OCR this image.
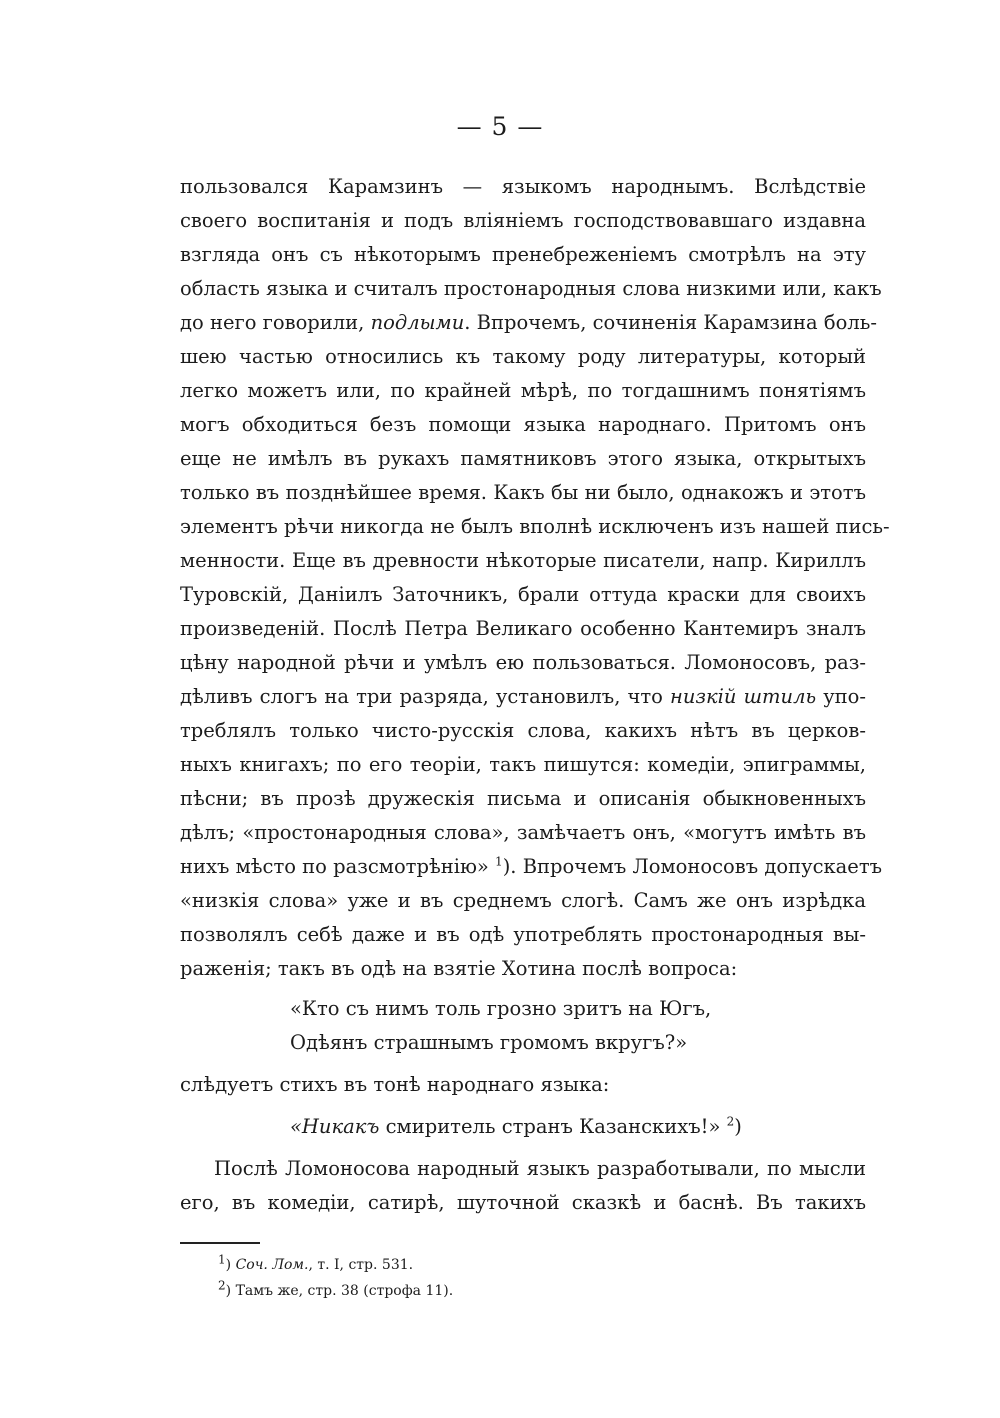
— 5 —
пользовался Карамзинъ — языкомъ народнымъ. Вслѣдствіе
своего воспитанія и подъ вліяніемъ господствовавшаго издавна
взгляда онъ съ нѣкоторымъ пренебреженіемъ смотрѣлъ на эту
область языка и считалъ простонародныя слова низкими или, какъ
до него говорили, подлыми. Впрочемъ, сочиненія Карамзина боль-
шею частью относились къ такому роду литературы, который
легко можетъ или, по крайней мѣрѣ, по тогдашнимъ понятіямъ
могъ обходиться безъ помощи языка народнаго. Притомъ онъ
еще не имѣлъ въ рукахъ памятниковъ этого языка, открытыхъ
только въ позднѣйшее время. Какъ бы ни было, однакожъ и этотъ
элементъ рѣчи никогда не былъ вполнѣ исключенъ изъ нашей пись-
менности. Еще въ древности нѣкоторые писатели, напр. Кириллъ
Туровскій, Даніилъ Заточникъ, брали оттуда краски для своихъ
произведеній. Послѣ Петра Великаго особенно Кантемиръ зналъ
цѣну народной рѣчи и умѣлъ ею пользоваться. Ломоносовъ, раз-
дѣливъ слогъ на три разряда, установилъ, что низкій штиль упо-
треблялъ только чисто-русскія слова, какихъ нѣтъ въ церков-
ныхъ книгахъ; по его теоріи, такъ пишутся: комедіи, эпиграммы,
пѣсни; въ прозѣ дружескія письма и описанія обыкновенныхъ
дѣлъ; «простонародныя слова», замѣчаетъ онъ, «могутъ имѣть въ
нихъ мѣсто по разсмотрѣнію» $^1$). Впрочемъ Ломоносовъ допускаетъ
«низкія слова» уже и въ среднемъ слогѣ. Самъ же онъ изрѣдка
позволялъ себѣ даже и въ одѣ употреблять простонародныя вы-
раженія; такъ въ одѣ на взятіе Хотина послѣ вопроса:
«Кто съ нимъ толь грозно зритъ на Югъ,
Одѣянъ страшнымъ громомъ вкругъ?»
слѣдуетъ стихъ въ тонѣ народнаго языка:
«Никакъ смиритель странъ Казанскихъ!» $^2$)
Послѣ Ломоносова народный языкъ разработывали, по мысли
его, въ комедіи, сатирѣ, шуточной сказкѣ и баснѣ. Въ такихъ
$^1$) Соч. Лом., т. I, стр. 531.
$^2$) Тамъ же, стр. 38 (строфа 11).
